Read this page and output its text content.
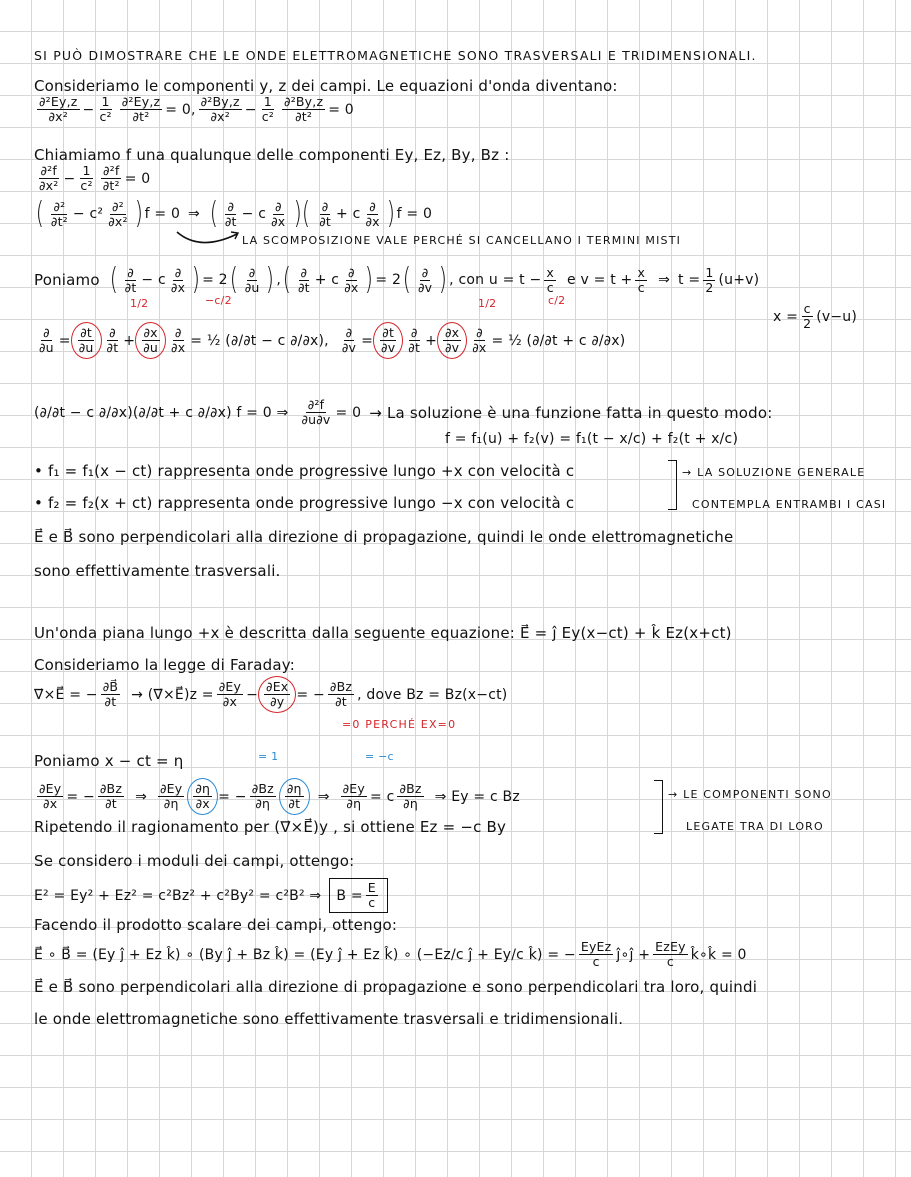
SI PUÒ DIMOSTRARE CHE LE ONDE ELETTROMAGNETICHE SONO TRASVERSALI E TRIDIMENSIONALI.
Consideriamo le componenti y, z dei campi. Le equazioni d'onda diventano:
$\frac{\text{∂²Ey,z}}{\text{∂x²}} - \frac{1}{\text{c²}} \frac{\text{∂²Ey,z}}{\text{∂t²}} = 0$, $\frac{\text{∂²By,z}}{\text{∂x²}} - \frac{1}{\text{c²}} \frac{\text{∂²By,z}}{\text{∂t²}} = 0$
Chiamiamo f una qualunque delle componenti Ey, Ez, By, Bz :
$\frac{\text{∂²f}}{\text{∂x²}} - \frac{1}{\text{c²}} \frac{\text{∂²f}}{\text{∂t²}} = 0$
( $\frac{\text{∂²}}{\text{∂t²}} - c^2 \frac{\text{∂²}}{\text{∂x²}}$ ) f = 0 ⇒ ( $\frac{\partial}{\partial t} - c \frac{\partial}{\partial x}$ )( $\frac{\partial}{\partial t} + c \frac{\partial}{\partial x}$ ) f = 0
LA SCOMPOSIZIONE VALE PERCHÉ SI CANCELLANO I TERMINI MISTI
Poniamo ( $\frac{\partial}{\partial t} - c \frac{\partial}{\partial x}$ ) = 2 ( $\frac{\partial}{\partial u}$ ) , ( $\frac{\partial}{\partial t} + c \frac{\partial}{\partial x}$ ) = 2 ( $\frac{\partial}{\partial v}$ ) , con $u = t - \frac{x}{c}$ e $v = t + \frac{x}{c}$ ⇒ $t = \frac{1}{2} (u+v)$
$x = \frac{c}{2} (v-u)$
1/2	−c/2	1/2	c/2
$\frac{\partial}{\partial u} = \frac{\partial t}{\partial u} \frac{\partial}{\partial t} + \frac{\partial x}{\partial u} \frac{\partial}{\partial x}$ = ½ (∂/∂t − c ∂/∂x) , $\frac{\partial}{\partial v} = \frac{\partial t}{\partial v} \frac{\partial}{\partial t} + \frac{\partial x}{\partial v} \frac{\partial}{\partial x}$ = ½ (∂/∂t + c ∂/∂x)
(∂/∂t − c ∂/∂x)(∂/∂t + c ∂/∂x) f = 0 ⇒ $\frac{\text{∂²f}}{\partial u\partial v} = 0 \to La$ soluzione è una funzione fatta in questo modo:
f = f₁(u) + f₂(v) = f₁(t − x/c) + f₂(t + x/c)
• f₁ = f₁(x − ct) rappresenta onde progressive lungo +x con velocità c
• f₂ = f₂(x + ct) rappresenta onde progressive lungo −x con velocità c
→ LA SOLUZIONE GENERALE
CONTEMPLA ENTRAMBI I CASI
E⃗ e B⃗ sono perpendicolari alla direzione di propagazione, quindi le onde elettromagnetiche
sono effettivamente trasversali.
Un'onda piana lungo +x è descritta dalla seguente equazione: E⃗ = ĵ Ey(x−ct) + k̂ Ez(x+ct)
Consideriamo la legge di Faraday:
∇⃗×E⃗ = − $\frac{\partial B⃗}{\partial t}$ → (∇⃗×E⃗)z = $\frac{\partial Ey}{\partial x} - \frac{\partial Ex}{\partial y}$ = − $\frac{\partial Bz}{\partial t}$ , dove Bz = Bz(x−ct)
=0 PERCHÉ EX=0
Poniamo x − ct = η	= 1	= −c
$\frac{\partial Ey}{\partial x}$ = − $\frac{\partial Bz}{\partial t}$ ⇒ $\frac{\partial Ey}{\partial\eta} \frac{\partial\eta}{\partial x}$ = − $\frac{\partial Bz}{\partial\eta} \frac{\partial\eta}{\partial t}$ ⇒ $\frac{\partial Ey}{\partial\eta} = c \frac{\partial Bz}{\partial\eta}$ ⇒ Ey = c Bz
Ripetendo il ragionamento per (∇⃗×E⃗)y , si ottiene Ez = −c By
→ LE COMPONENTI SONO
LEGATE TRA DI LORO
Se considero i moduli dei campi, ottengo:
E² = Ey² + Ez² = c²Bz² + c²By² = c²B² ⇒ $B = \frac{E}{c}$
Facendo il prodotto scalare dei campi, ottengo:
E⃗ ∘ B⃗ = (Ey ĵ + Ez k̂) ∘ (By ĵ + Bz k̂) = (Ey ĵ + Ez k̂) ∘ (−Ez/c ĵ + Ey/c k̂) = − $\frac{\text{EyEz}}{c}$ ĵ∘ĵ + $\frac{\text{EzEy}}{c}$ k̂∘k̂ = 0
E⃗ e B⃗ sono perpendicolari alla direzione di propagazione e sono perpendicolari tra loro, quindi
le onde elettromagnetiche sono effettivamente trasversali e tridimensionali.
